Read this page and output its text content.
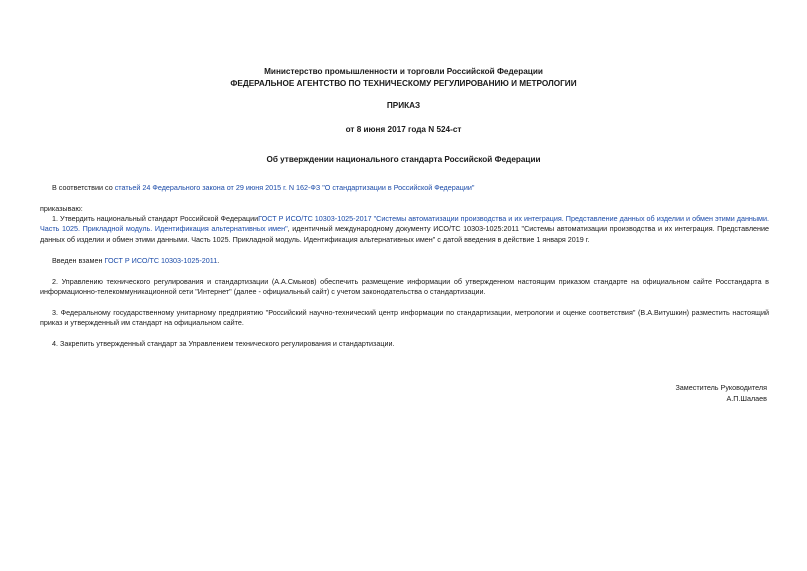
Министерство промышленности и торговли Российской Федерации
ФЕДЕРАЛЬНОЕ АГЕНТСТВО ПО ТЕХНИЧЕСКОМУ РЕГУЛИРОВАНИЮ И МЕТРОЛОГИИ
ПРИКАЗ
от 8 июня 2017 года N 524-ст
Об утверждении национального стандарта Российской Федерации

В соответствии со статьей 24 Федерального закона от 29 июня 2015 г. N 162-ФЗ "О стандартизации в Российской Федерации"

приказываю:

1. Утвердить национальный стандарт Российской ФедерацииГОСТ Р ИСО/ТС 10303-1025-2017 "Системы автоматизации производства и их интеграция. Представление данных об изделии и обмен этими данными. Часть 1025. Прикладной модуль. Идентификация альтернативных имен", идентичный международному документу ИСО/ТС 10303-1025:2011 "Системы автоматизации производства и их интеграция. Представление данных об изделии и обмен этими данными. Часть 1025. Прикладной модуль. Идентификация альтернативных имен" с датой введения в действие 1 января 2019 г.

Введен взамен ГОСТ Р ИСО/ТС 10303-1025-2011.

2. Управлению технического регулирования и стандартизации (А.А.Смыков) обеспечить размещение информации об утвержденном настоящим приказом стандарте на официальном сайте Росстандарта в информационно-телекоммуникационной сети "Интернет" (далее - официальный сайт) с учетом законодательства о стандартизации.

3. Федеральному государственному унитарному предприятию "Российский научно-технический центр информации по стандартизации, метрологии и оценке соответствия" (В.А.Витушкин) разместить настоящий приказ и утвержденный им стандарт на официальном сайте.

4. Закрепить утвержденный стандарт за Управлением технического регулирования и стандартизации.

Заместитель Руководителя
А.П.Шалаев
